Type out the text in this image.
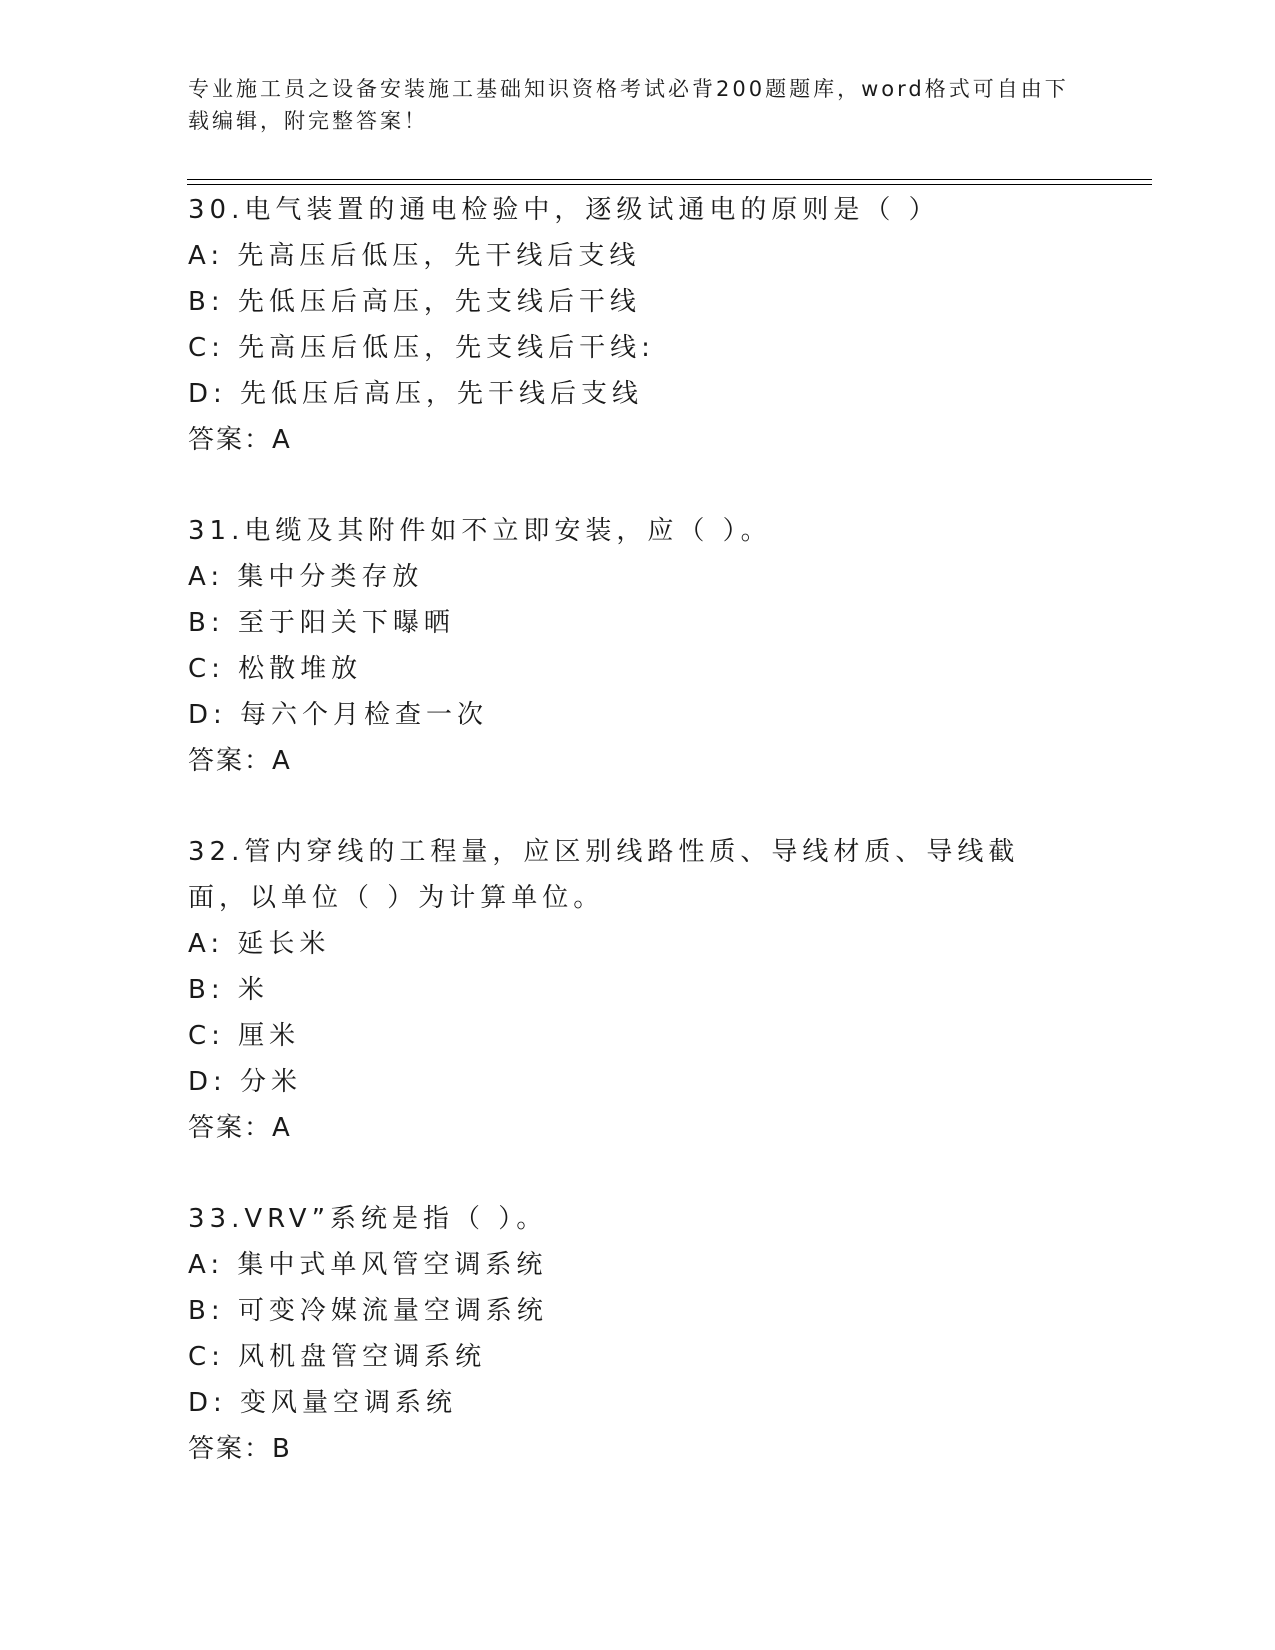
专业施工员之设备安装施工基础知识资格考试必背200题题库，word格式可自由下载编辑，附完整答案！
30.电气装置的通电检验中，逐级试通电的原则是（ ）
A: 先高压后低压，先干线后支线
B: 先低压后高压，先支线后干线
C: 先高压后低压，先支线后干线:
D: 先低压后高压，先干线后支线
答案：A
31.电缆及其附件如不立即安装，应（ ）。
A: 集中分类存放
B: 至于阳关下曝晒
C: 松散堆放
D: 每六个月检查一次
答案：A
32.管内穿线的工程量，应区别线路性质、导线材质、导线截面，以单位（ ）为计算单位。
A: 延长米
B: 米
C: 厘米
D: 分米
答案：A
33.VRV”系统是指（ ）。
A: 集中式单风管空调系统
B: 可变冷媒流量空调系统
C: 风机盘管空调系统
D: 变风量空调系统
答案：B
